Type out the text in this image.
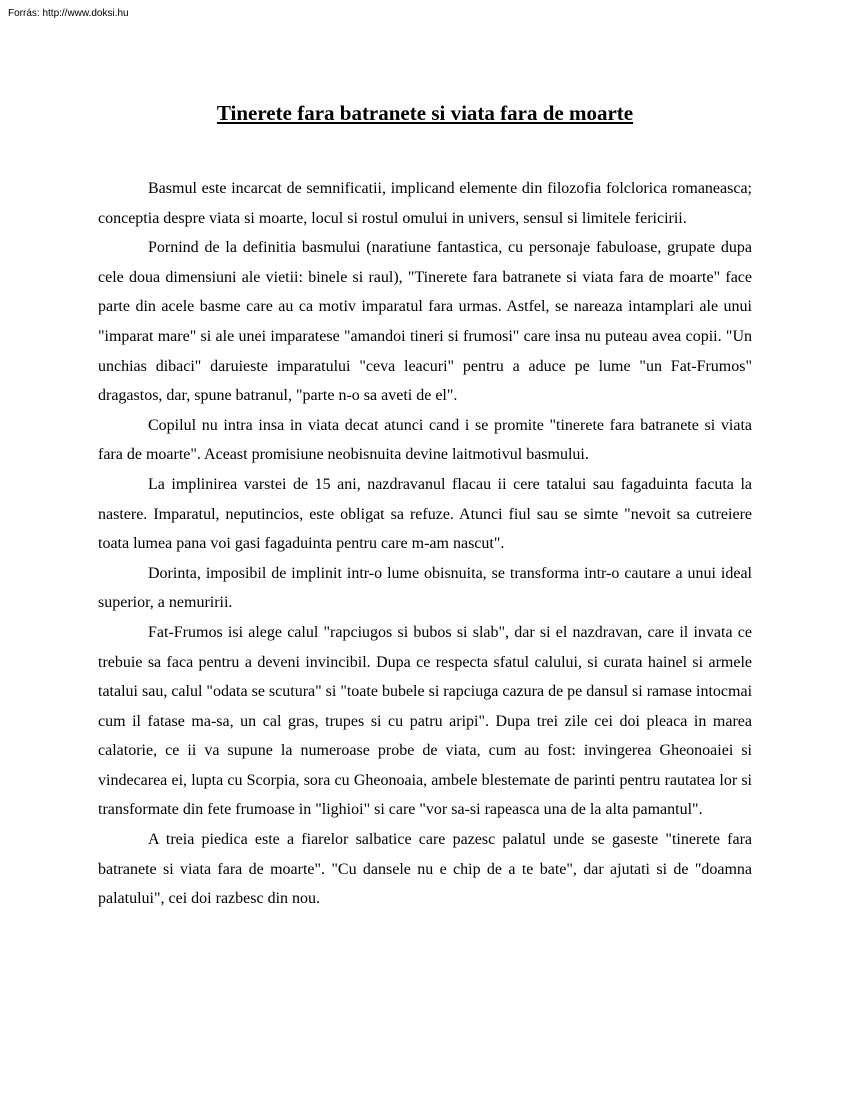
Forrás: http://www.doksi.hu
Tinerete fara batranete si viata fara de moarte

Basmul este incarcat de semnificatii, implicand elemente din filozofia folclorica romaneasca; conceptia despre viata si moarte, locul si rostul omului in univers, sensul si limitele fericirii.

Pornind de la definitia basmului (naratiune fantastica, cu personaje fabuloase, grupate dupa cele doua dimensiuni ale vietii: binele si raul), "Tinerete fara batranete si viata fara de moarte" face parte din acele basme care au ca motiv imparatul fara urmas. Astfel, se nareaza intamplari ale unui "imparat mare" si ale unei imparatese "amandoi tineri si frumosi" care insa nu puteau avea copii. "Un unchias dibaci" daruieste imparatului "ceva leacuri" pentru a aduce pe lume "un Fat-Frumos" dragastos, dar, spune batranul, "parte n-o sa aveti de el".

Copilul nu intra insa in viata decat atunci cand i se promite "tinerete fara batranete si viata fara de moarte". Aceast promisiune neobisnuita devine laitmotivul basmului.

La implinirea varstei de 15 ani, nazdravanul flacau ii cere tatalui sau fagaduinta facuta la nastere. Imparatul, neputincios, este obligat sa refuze. Atunci fiul sau se simte "nevoit sa cutreiere toata lumea pana voi gasi fagaduinta pentru care m-am nascut".

Dorinta, imposibil de implinit intr-o lume obisnuita, se transforma intr-o cautare a unui ideal superior, a nemuririi.

Fat-Frumos isi alege calul "rapciugos si bubos si slab", dar si el nazdravan, care il invata ce trebuie sa faca pentru a deveni invincibil. Dupa ce respecta sfatul calului, si curata hainel si armele tatalui sau, calul "odata se scutura" si "toate bubele si rapciuga cazura de pe dansul si ramase intocmai cum il fatase ma-sa, un cal gras, trupes si cu patru aripi". Dupa trei zile cei doi pleaca in marea calatorie, ce ii va supune la numeroase probe de viata, cum au fost: invingerea Gheonoaiei si vindecarea ei, lupta cu Scorpia, sora cu Gheonoaia, ambele blestemate de parinti pentru rautatea lor si transformate din fete frumoase in "lighioi" si care "vor sa-si rapeasca una de la alta pamantul".

A treia piedica este a fiarelor salbatice care pazesc palatul unde se gaseste "tinerete fara batranete si viata fara de moarte". "Cu dansele nu e chip de a te bate", dar ajutati si de "doamna palatului", cei doi razbesc din nou.
